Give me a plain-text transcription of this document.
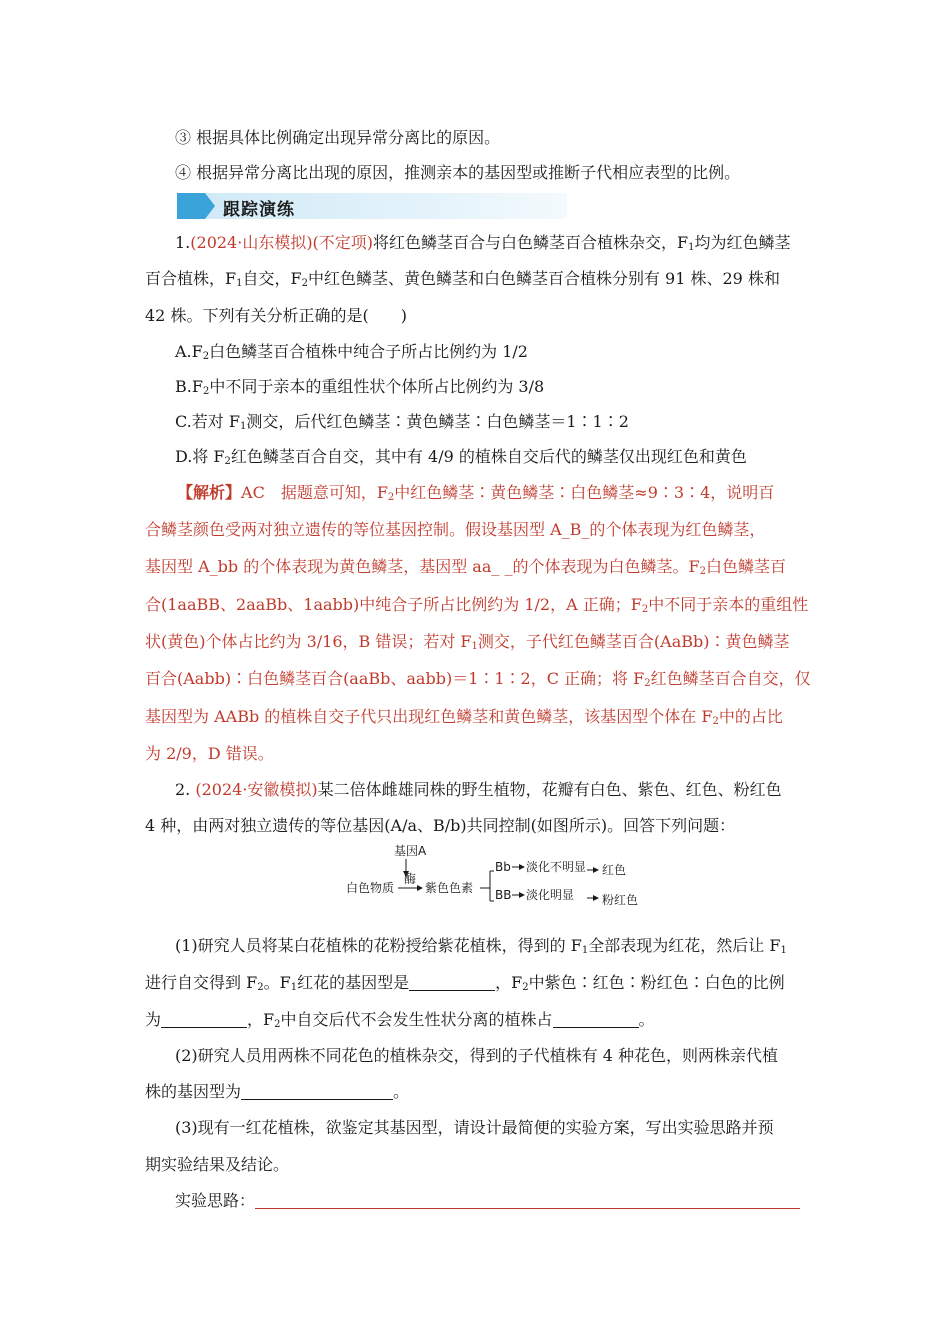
③ 根据具体比例确定出现异常分离比的原因。
④ 根据异常分离比出现的原因，推测亲本的基因型或推断子代相应表型的比例。
跟踪演练
1.(2024·山东模拟)(不定项)将红色鳞茎百合与白色鳞茎百合植株杂交，$F_1$均为红色鳞茎
百合植株，$F_1$自交，$F_2$中红色鳞茎、黄色鳞茎和白色鳞茎百合植株分别有 91 株、29 株和
42 株。下列有关分析正确的是(　　)
$A.F_2$白色鳞茎百合植株中纯合子所占比例约为 1/2
$B.F_2$中不同于亲本的重组性状个体所占比例约为 3/8
C.若对 $F_1$测交，后代红色鳞茎∶黄色鳞茎∶白色鳞茎＝1∶1∶2
D.将 $F_2$红色鳞茎百合自交，其中有 4/9 的植株自交后代的鳞茎仅出现红色和黄色
【解析】AC　据题意可知，$F_2$中红色鳞茎∶黄色鳞茎∶白色鳞茎≈9∶3∶4，说明百
合鳞茎颜色受两对独立遗传的等位基因控制。假设基因型 A_B_的个体表现为红色鳞茎，
基因型 A_bb 的个体表现为黄色鳞茎，基因型 aa_ _的个体表现为白色鳞茎。$F_2$白色鳞茎百
合(1aaBB、2aaBb、1aabb)中纯合子所占比例约为 1/2，A 正确；$F_2$中不同于亲本的重组性
状(黄色)个体占比约为 3/16，B 错误；若对 $F_1$测交，子代红色鳞茎百合(AaBb)∶黄色鳞茎
百合(Aabb)∶白色鳞茎百合(aaBb、aabb)＝1∶1∶2，C 正确；将 $F_2$红色鳞茎百合自交，仅
基因型为 AABb 的植株自交子代只出现红色鳞茎和黄色鳞茎，该基因型个体在 $F_2$中的占比
为 2/9，D 错误。
2. (2024·安徽模拟)某二倍体雌雄同株的野生植物，花瓣有白色、紫色、红色、粉红色
4 种，由两对独立遗传的等位基因(A/a、B/b)共同控制(如图所示)。回答下列问题：
基因A
酶
白色物质	紫色色素
Bb 淡化不明显 红色
BB 淡化明显 粉红色
(1)研究人员将某白花植株的花粉授给紫花植株，得到的 $F_1$全部表现为红花，然后让 $F_1$
进行自交得到 $F_2$。$F_1$红花的基因型是	，$F_2$中紫色∶红色∶粉红色∶白色的比例
为	，$F_2$中自交后代不会发生性状分离的植株占	。
(2)研究人员用两株不同花色的植株杂交，得到的子代植株有 4 种花色，则两株亲代植
株的基因型为	。
(3)现有一红花植株，欲鉴定其基因型，请设计最简便的实验方案，写出实验思路并预
期实验结果及结论。
实验思路：
